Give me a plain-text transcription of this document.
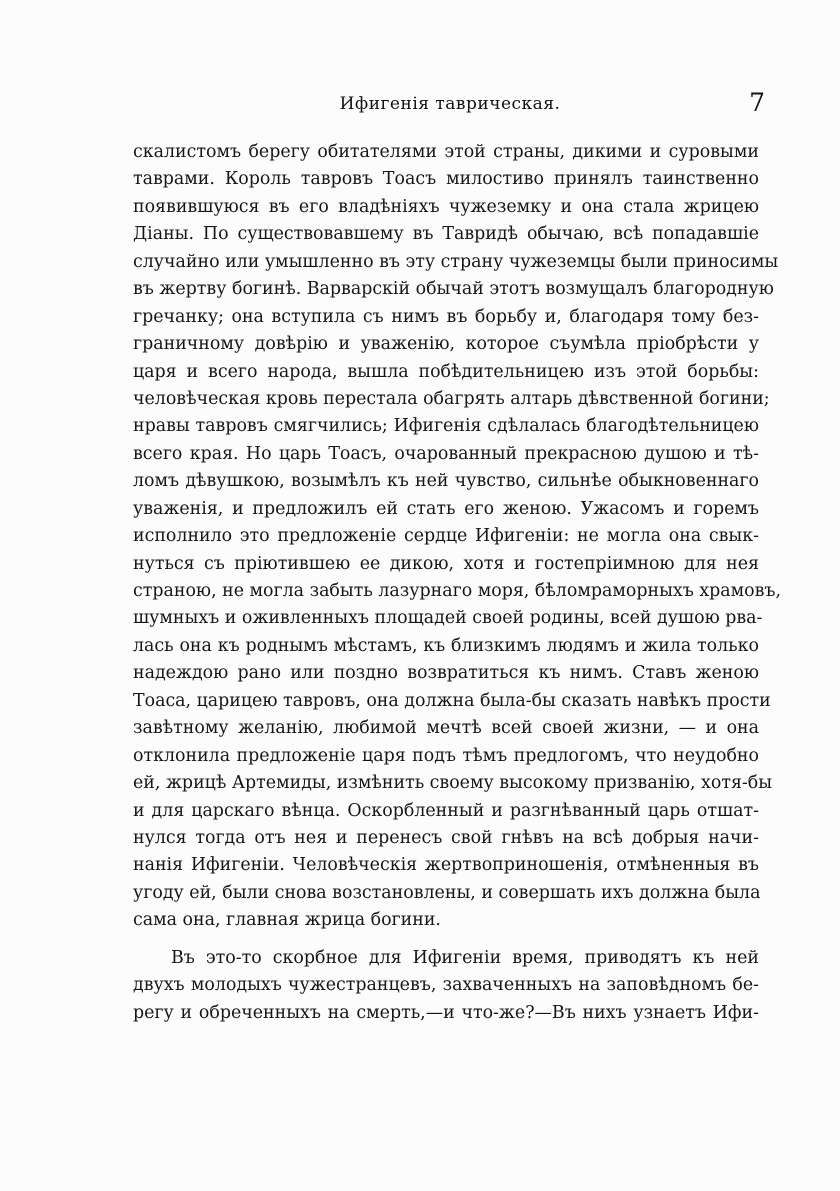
Ифигенія таврическая.	7
скалистомъ берегу обитателями этой страны, дикими и суровыми
таврами. Король тавровъ Тоасъ милостиво принялъ таинственно
появившуюся въ его владѣніяхъ чужеземку и она стала жрицею
Діаны. По существовавшему въ Тавридѣ обычаю, всѣ попадавшіе
случайно или умышленно въ эту страну чужеземцы были приносимы
въ жертву богинѣ. Варварскій обычай этотъ возмущалъ благородную
гречанку; она вступила съ нимъ въ борьбу и, благодаря тому без-
граничному довѣрію и уваженію, которое съумѣла пріобрѣсти у
царя и всего народа, вышла побѣдительницею изъ этой борьбы:
человѣческая кровь перестала обагрять алтарь дѣвственной богини;
нравы тавровъ смягчились; Ифигенія сдѣлалась благодѣтельницею
всего края. Но царь Тоасъ, очарованный прекрасною душою и тѣ-
ломъ дѣвушкою, возымѣлъ къ ней чувство, сильнѣе обыкновеннаго
уваженія, и предложилъ ей стать его женою. Ужасомъ и горемъ
исполнило это предложеніе сердце Ифигеніи: не могла она свык-
нуться съ пріютившею ее дикою, хотя и гостепріимною для нея
страною, не могла забыть лазурнаго моря, бѣломраморныхъ храмовъ,
шумныхъ и оживленныхъ площадей своей родины, всей душою рва-
лась она къ роднымъ мѣстамъ, къ близкимъ людямъ и жила только
надеждою рано или поздно возвратиться къ нимъ. Ставъ женою
Тоаса, царицею тавровъ, она должна была-бы сказать навѣкъ прости
завѣтному желанію, любимой мечтѣ всей своей жизни, — и она
отклонила предложеніе царя подъ тѣмъ предлогомъ, что неудобно
ей, жрицѣ Артемиды, измѣнить своему высокому призванію, хотя-бы
и для царскаго вѣнца. Оскорбленный и разгнѣванный царь отшат-
нулся тогда отъ нея и перенесъ свой гнѣвъ на всѣ добрыя начи-
нанія Ифигеніи. Человѣческія жертвоприношенія, отмѣненныя въ
угоду ей, были снова возстановлены, и совершать ихъ должна была
сама она, главная жрица богини.
Въ это-то скорбное для Ифигеніи время, приводятъ къ ней
двухъ молодыхъ чужестранцевъ, захваченныхъ на заповѣдномъ бе-
регу и обреченныхъ на смерть,—и что-же?—Въ нихъ узнаетъ Ифи-
